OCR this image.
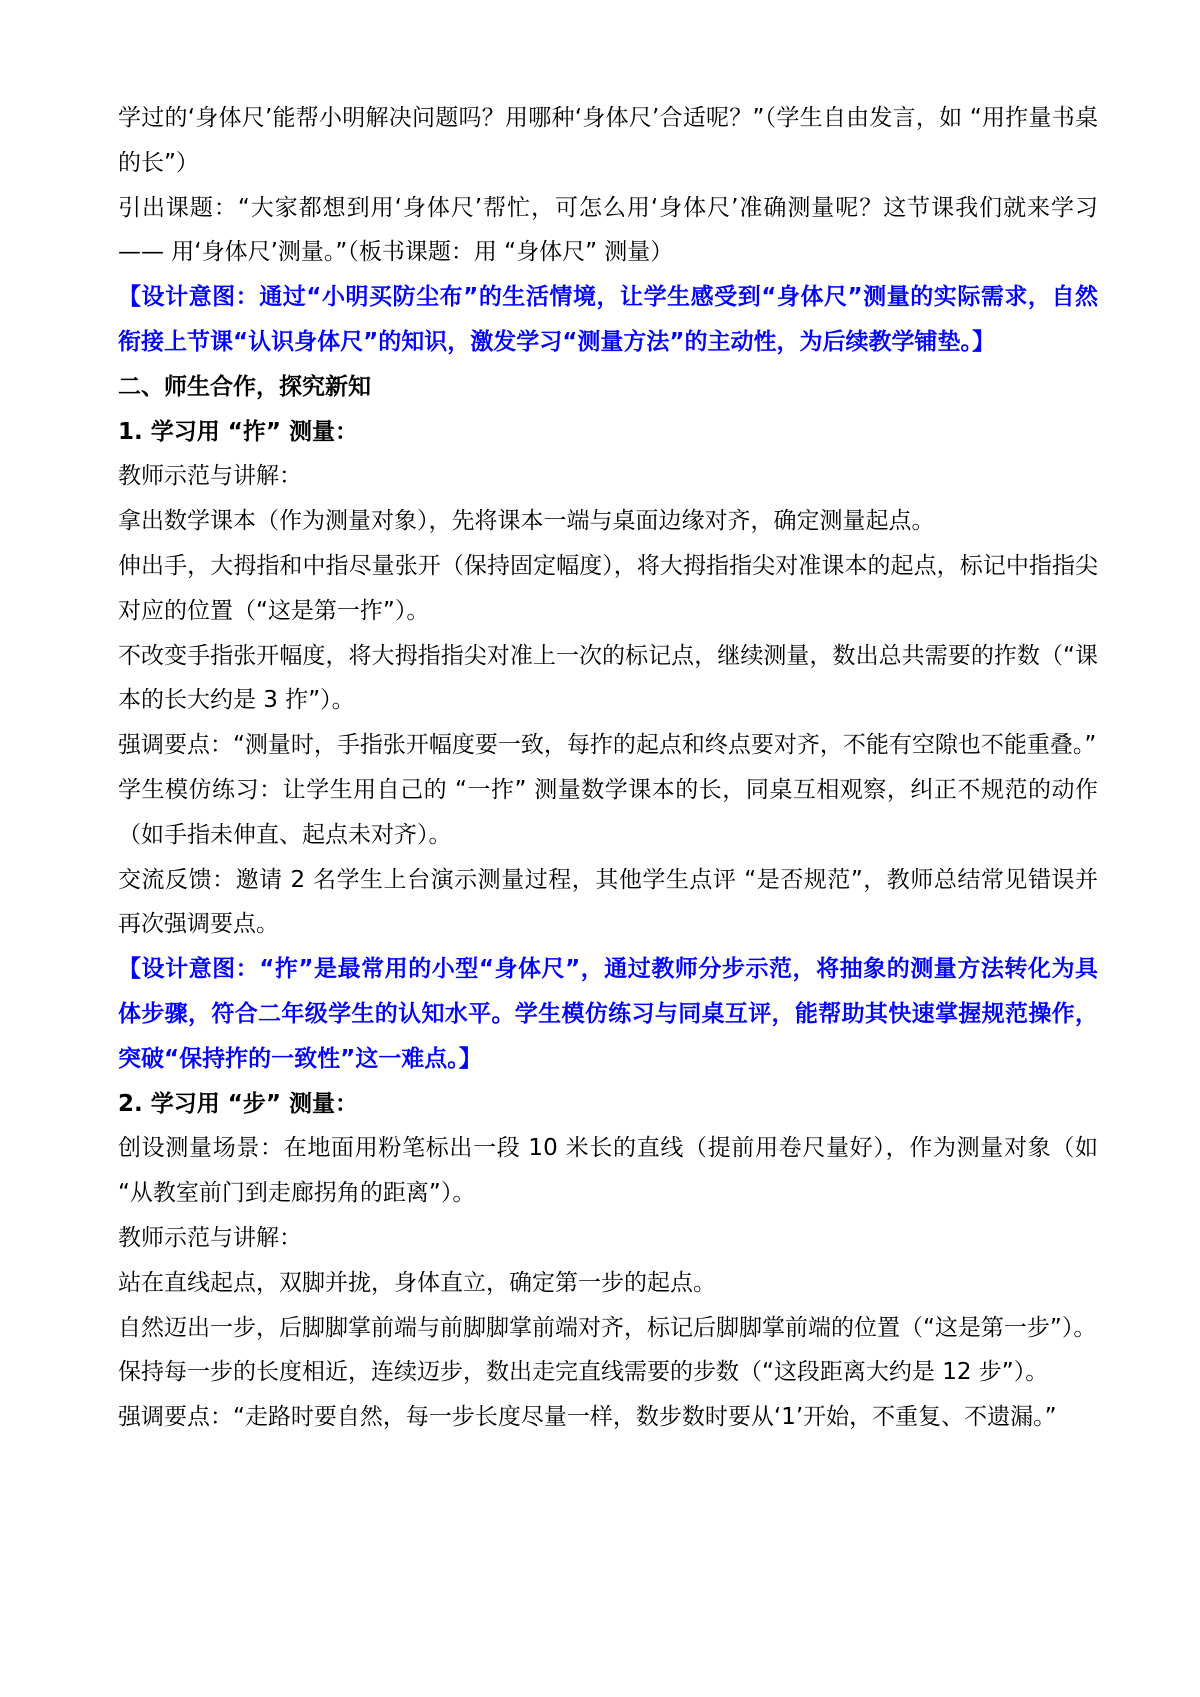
学过的‘身体尺’能帮小明解决问题吗？用哪种‘身体尺’合适呢？”（学生自由发言，如 “用拃量书桌的长”）

引出课题：“大家都想到用‘身体尺’帮忙，可怎么用‘身体尺’准确测量呢？这节课我们就来学习 —— 用‘身体尺’测量。”（板书课题：用 “身体尺” 测量）

【设计意图：通过“小明买防尘布”的生活情境，让学生感受到“身体尺”测量的实际需求，自然衔接上节课“认识身体尺”的知识，激发学习“测量方法”的主动性，为后续教学铺垫。】

二、师生合作，探究新知

1. 学习用 “拃” 测量：

教师示范与讲解：

拿出数学课本（作为测量对象），先将课本一端与桌面边缘对齐，确定测量起点。

伸出手，大拇指和中指尽量张开（保持固定幅度），将大拇指指尖对准课本的起点，标记中指指尖对应的位置（“这是第一拃”）。

不改变手指张开幅度，将大拇指指尖对准上一次的标记点，继续测量，数出总共需要的拃数（“课本的长大约是 3 拃”）。

强调要点：“测量时，手指张开幅度要一致，每拃的起点和终点要对齐，不能有空隙也不能重叠。”

学生模仿练习：让学生用自己的 “一拃” 测量数学课本的长，同桌互相观察，纠正不规范的动作（如手指未伸直、起点未对齐）。

交流反馈：邀请 2 名学生上台演示测量过程，其他学生点评 “是否规范”，教师总结常见错误并再次强调要点。

【设计意图：“拃”是最常用的小型“身体尺”，通过教师分步示范，将抽象的测量方法转化为具体步骤，符合二年级学生的认知水平。学生模仿练习与同桌互评，能帮助其快速掌握规范操作，突破“保持拃的一致性”这一难点。】

2. 学习用 “步” 测量：

创设测量场景：在地面用粉笔标出一段 10 米长的直线（提前用卷尺量好），作为测量对象（如 “从教室前门到走廊拐角的距离”）。

教师示范与讲解：

站在直线起点，双脚并拢，身体直立，确定第一步的起点。

自然迈出一步，后脚脚掌前端与前脚脚掌前端对齐，标记后脚脚掌前端的位置（“这是第一步”）。

保持每一步的长度相近，连续迈步，数出走完直线需要的步数（“这段距离大约是 12 步”）。

强调要点：“走路时要自然，每一步长度尽量一样，数步数时要从‘1’开始，不重复、不遗漏。”
